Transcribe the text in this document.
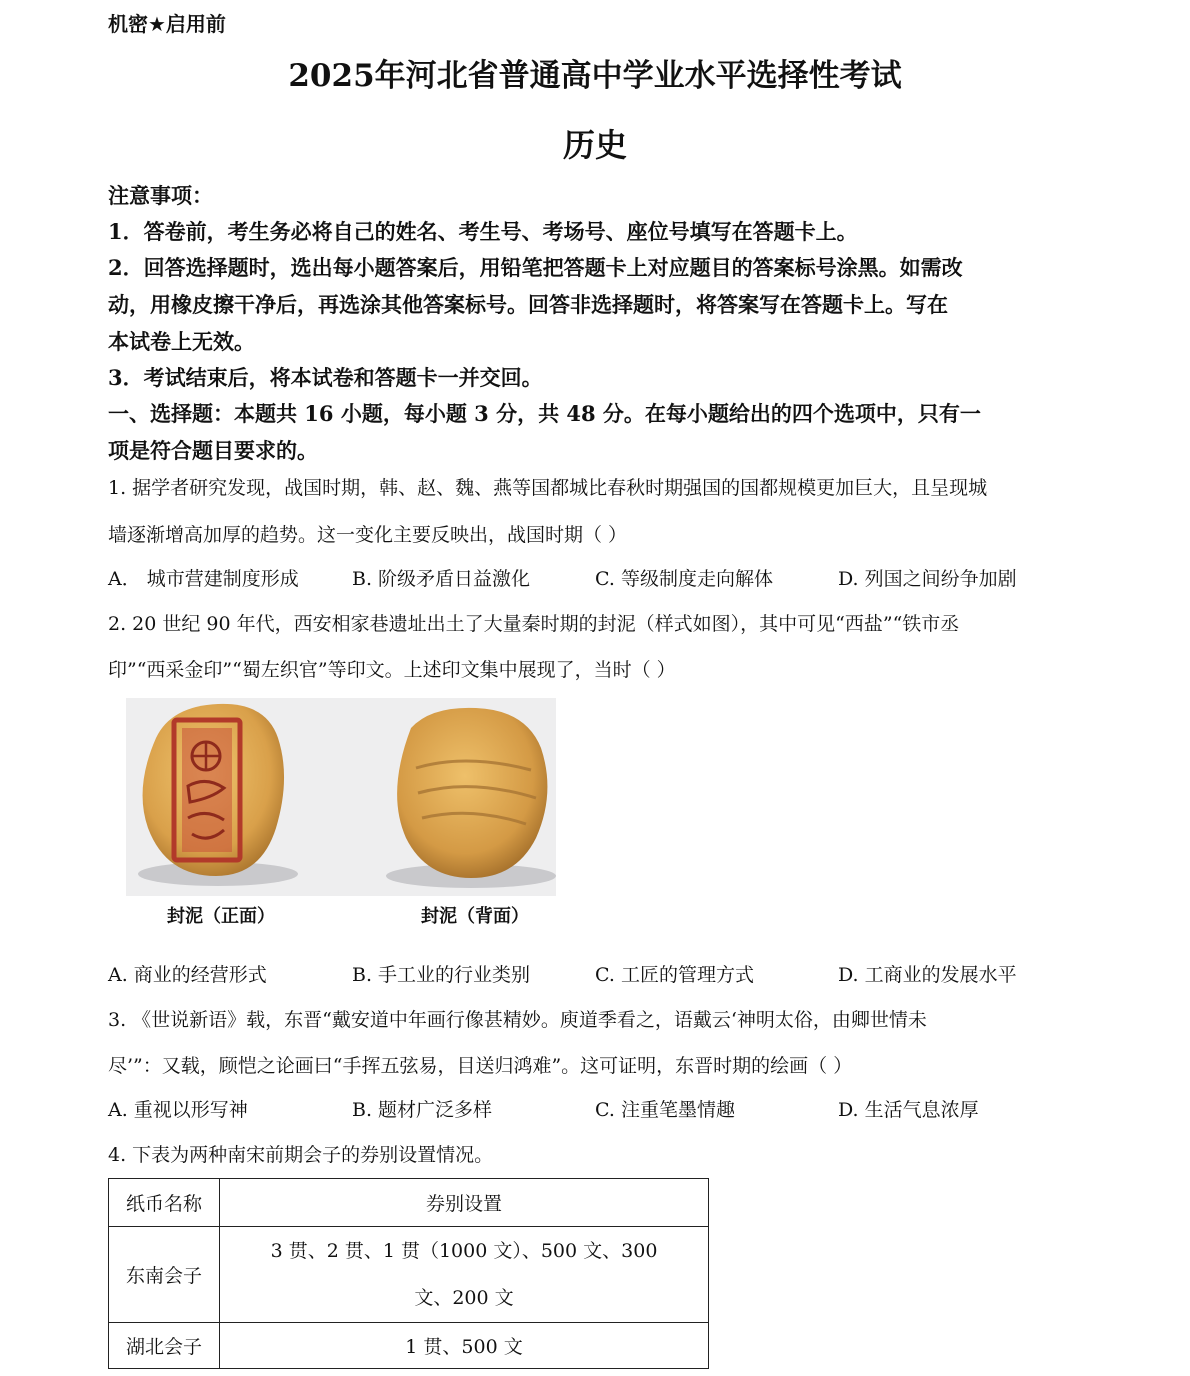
机密★启用前
2025年河北省普通高中学业水平选择性考试
历史
注意事项：
1．答卷前，考生务必将自己的姓名、考生号、考场号、座位号填写在答题卡上。
2．回答选择题时，选出每小题答案后，用铅笔把答题卡上对应题目的答案标号涂黑。如需改
动，用橡皮擦干净后，再选涂其他答案标号。回答非选择题时，将答案写在答题卡上。写在
本试卷上无效。
3．考试结束后，将本试卷和答题卡一并交回。
一、选择题：本题共 16 小题，每小题 3 分，共 48 分。在每小题给出的四个选项中，只有一
项是符合题目要求的。
1. 据学者研究发现，战国时期，韩、赵、魏、燕等国都城比春秋时期强国的国都规模更加巨大，且呈现城
墙逐渐增高加厚的趋势。这一变化主要反映出，战国时期（ ）
A． 城市营建制度形成	B. 阶级矛盾日益激化	C. 等级制度走向解体	D. 列国之间纷争加剧
2. 20 世纪 90 年代，西安相家巷遗址出土了大量秦时期的封泥（样式如图），其中可见“西盐”“铁市丞
印”“西采金印”“蜀左织官”等印文。上述印文集中展现了，当时（ ）
封泥（正面）	封泥（背面）
A. 商业的经营形式	B. 手工业的行业类别	C. 工匠的管理方式	D. 工商业的发展水平
3. 《世说新语》载，东晋“戴安道中年画行像甚精妙。庾道季看之，语戴云‘神明太俗，由卿世情未
尽’”：又载，顾恺之论画曰“手挥五弦易，目送归鸿难”。这可证明，东晋时期的绘画（ ）
A. 重视以形写神	B. 题材广泛多样	C. 注重笔墨情趣	D. 生活气息浓厚
4. 下表为两种南宋前期会子的券别设置情况。
纸币名称	券别设置
东南会子	3 贯、2 贯、1 贯（1000 文）、500 文、300
文、200 文

湖北会子	1 贯、500 文
